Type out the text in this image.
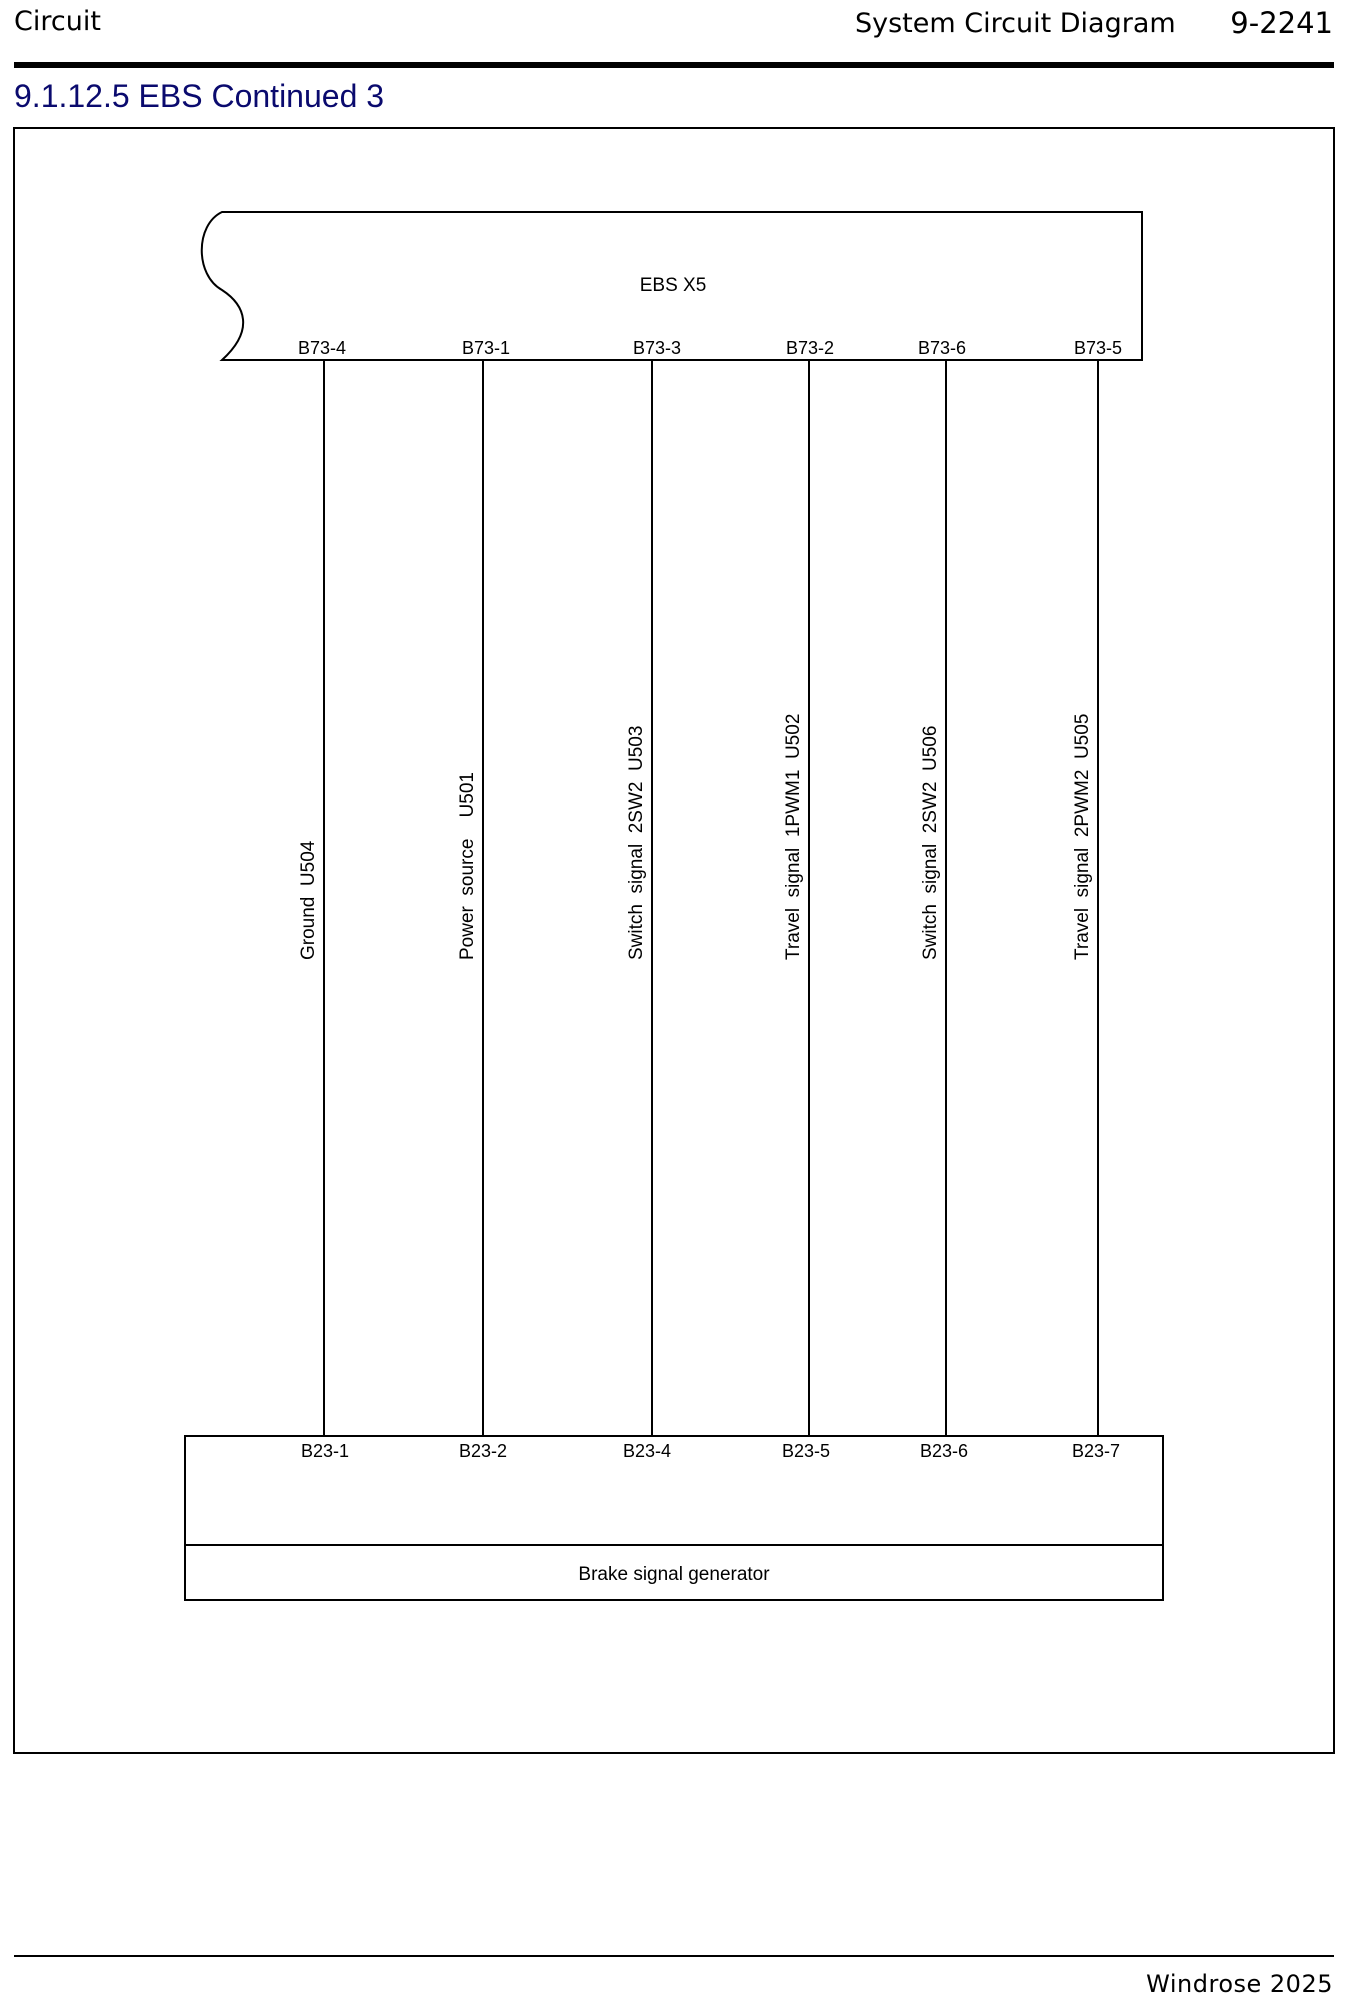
Circuit	System Circuit Diagram 9-2241
9.1.12.5 EBS Continued 3
EBS X5
Brake signal generator
B73-4
B23-1
Ground  U504
B73-1
B23-2
Power  source    U501
B73-3
B23-4
Switch  signal  2SW2  U503
B73-2
B23-5
Travel  signal  1PWM1  U502
B73-6
B23-6
Switch  signal  2SW2  U506
B73-5
B23-7
Travel  signal  2PWM2  U505
Windrose 2025
